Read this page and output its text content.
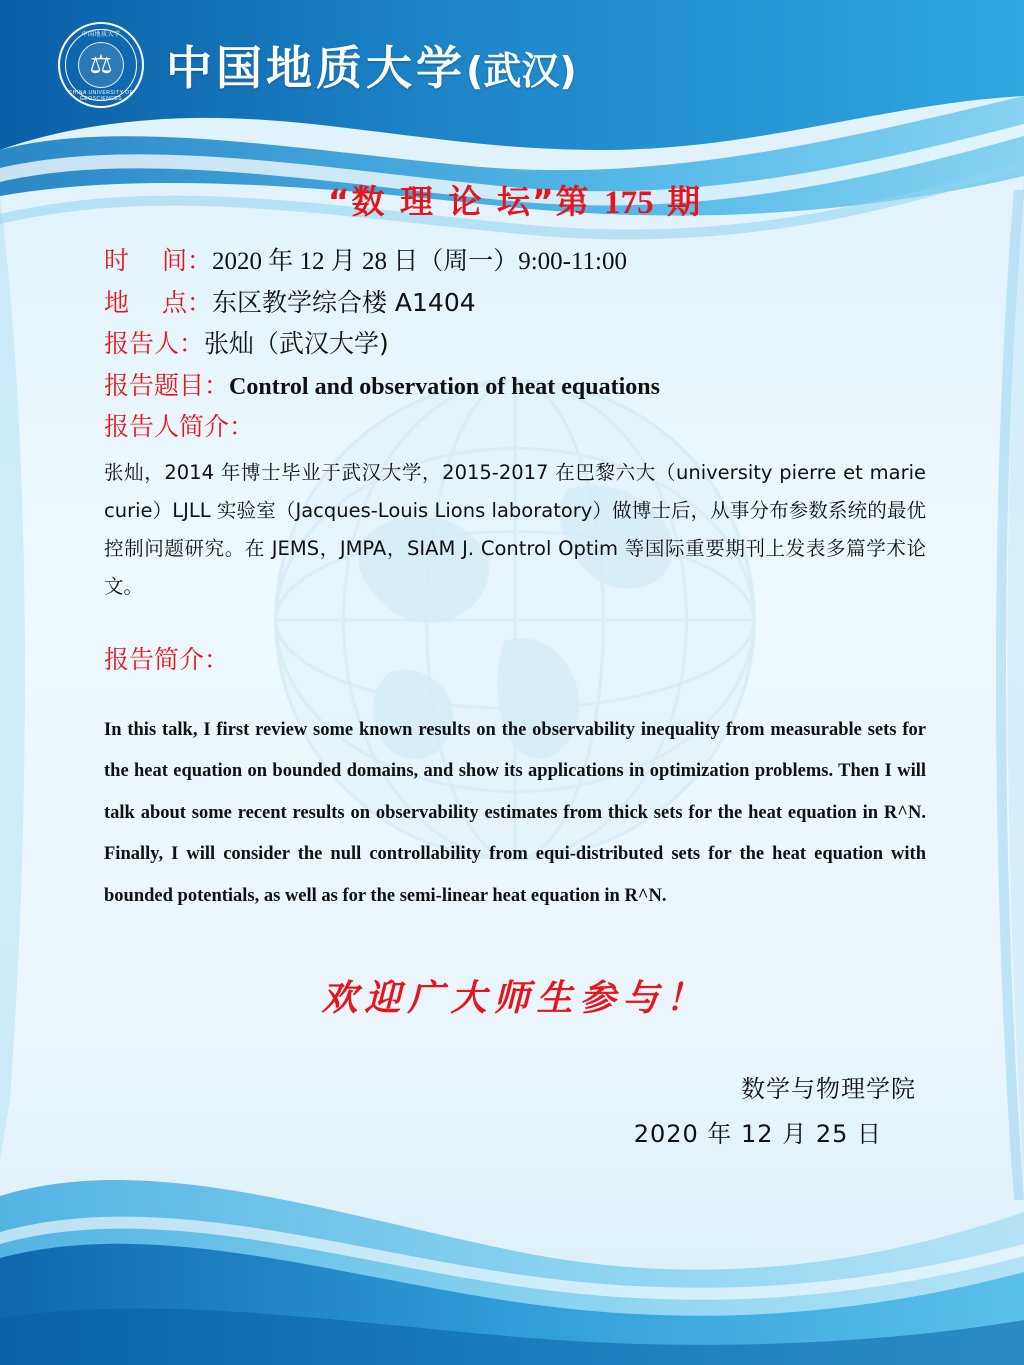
中国地质大学
⚖
CHINA UNIVERSITY OF GEOSCIENCES
中国地质大学(武汉)
“数 理 论 坛”第 175 期
时　 间：2020 年 12 月 28 日（周一）9:00-11:00
地　 点：东区教学综合楼 A1404
报告人：张灿（武汉大学)
报告题目：Control and observation of heat equations
报告人简介：
张灿，2014 年博士毕业于武汉大学，2015-2017 在巴黎六大（university pierre et marie curie）LJLL 实验室（Jacques-Louis Lions laboratory）做博士后，从事分布参数系统的最优控制问题研究。在 JEMS，JMPA，SIAM J. Control Optim 等国际重要期刊上发表多篇学术论文。
报告简介：
In this talk, I first review some known results on the observability inequality from measurable sets for the heat equation on bounded domains, and show its applications in optimization problems. Then I will talk about some recent results on observability estimates from thick sets for the heat equation in R^N. Finally, I will consider the null controllability from equi-distributed sets for the heat equation with bounded potentials, as well as for the semi-linear heat equation in R^N.
欢迎广大师生参与！
数学与物理学院
2020 年 12 月 25 日
